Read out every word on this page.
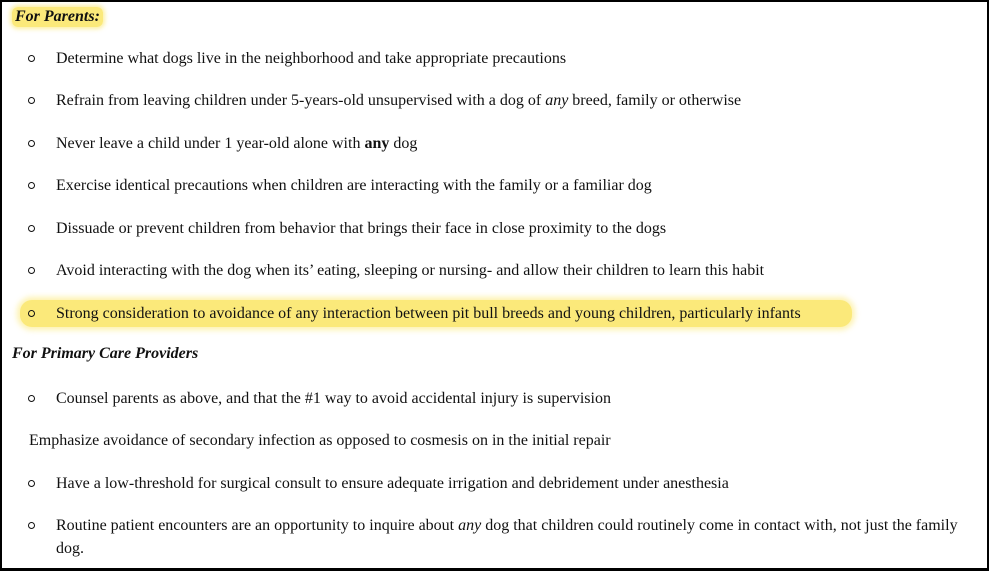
For Parents:
Determine what dogs live in the neighborhood and take appropriate precautions
Refrain from leaving children under 5-years-old unsupervised with a dog of any breed, family or otherwise
Never leave a child under 1 year-old alone with any dog
Exercise identical precautions when children are interacting with the family or a familiar dog
Dissuade or prevent children from behavior that brings their face in close proximity to the dogs
Avoid interacting with the dog when its’ eating, sleeping or nursing- and allow their children to learn this habit
Strong consideration to avoidance of any interaction between pit bull breeds and young children, particularly infants
For Primary Care Providers
Counsel parents as above, and that the #1 way to avoid accidental injury is supervision
Emphasize avoidance of secondary infection as opposed to cosmesis on in the initial repair
Have a low-threshold for surgical consult to ensure adequate irrigation and debridement under anesthesia
Routine patient encounters are an opportunity to inquire about any dog that children could routinely come in contact with, not just the family dog.
